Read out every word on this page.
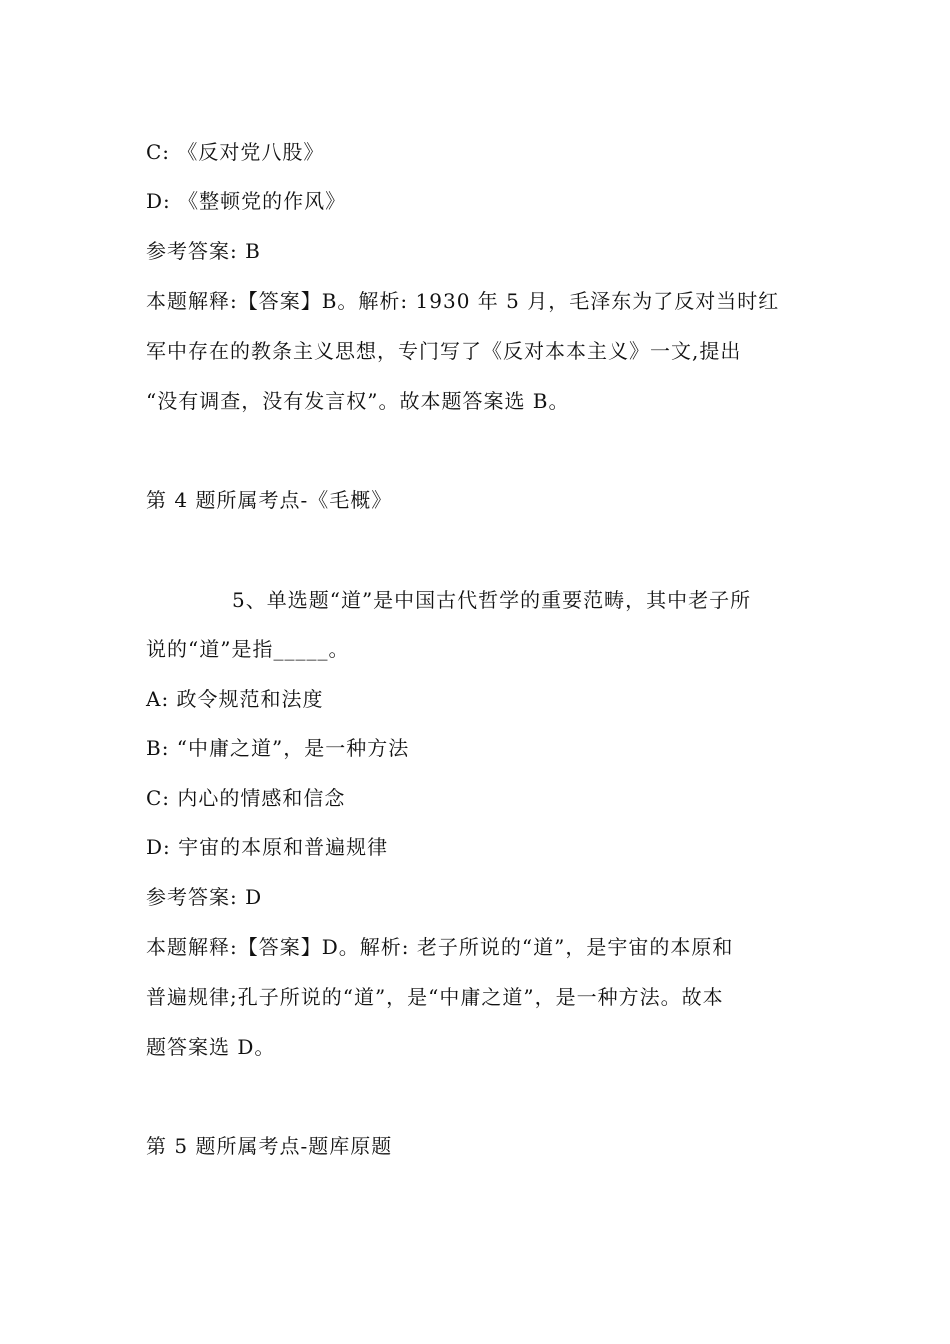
C: 《反对党八股》
D: 《整顿党的作风》
参考答案: B
本题解释:【答案】B。解析: 1930 年 5 月，毛泽东为了反对当时红
军中存在的教条主义思想，专门写了《反对本本主义》一文,提出
“没有调查，没有发言权”。故本题答案选 B。
第 4 题所属考点-《毛概》
5、单选题“道”是中国古代哲学的重要范畴，其中老子所
说的“道”是指_____。
A: 政令规范和法度
B: “中庸之道”，是一种方法
C: 内心的情感和信念
D: 宇宙的本原和普遍规律
参考答案: D
本题解释:【答案】D。解析: 老子所说的“道”，是宇宙的本原和
普遍规律;孔子所说的“道”，是“中庸之道”，是一种方法。故本
题答案选 D。
第 5 题所属考点-题库原题
